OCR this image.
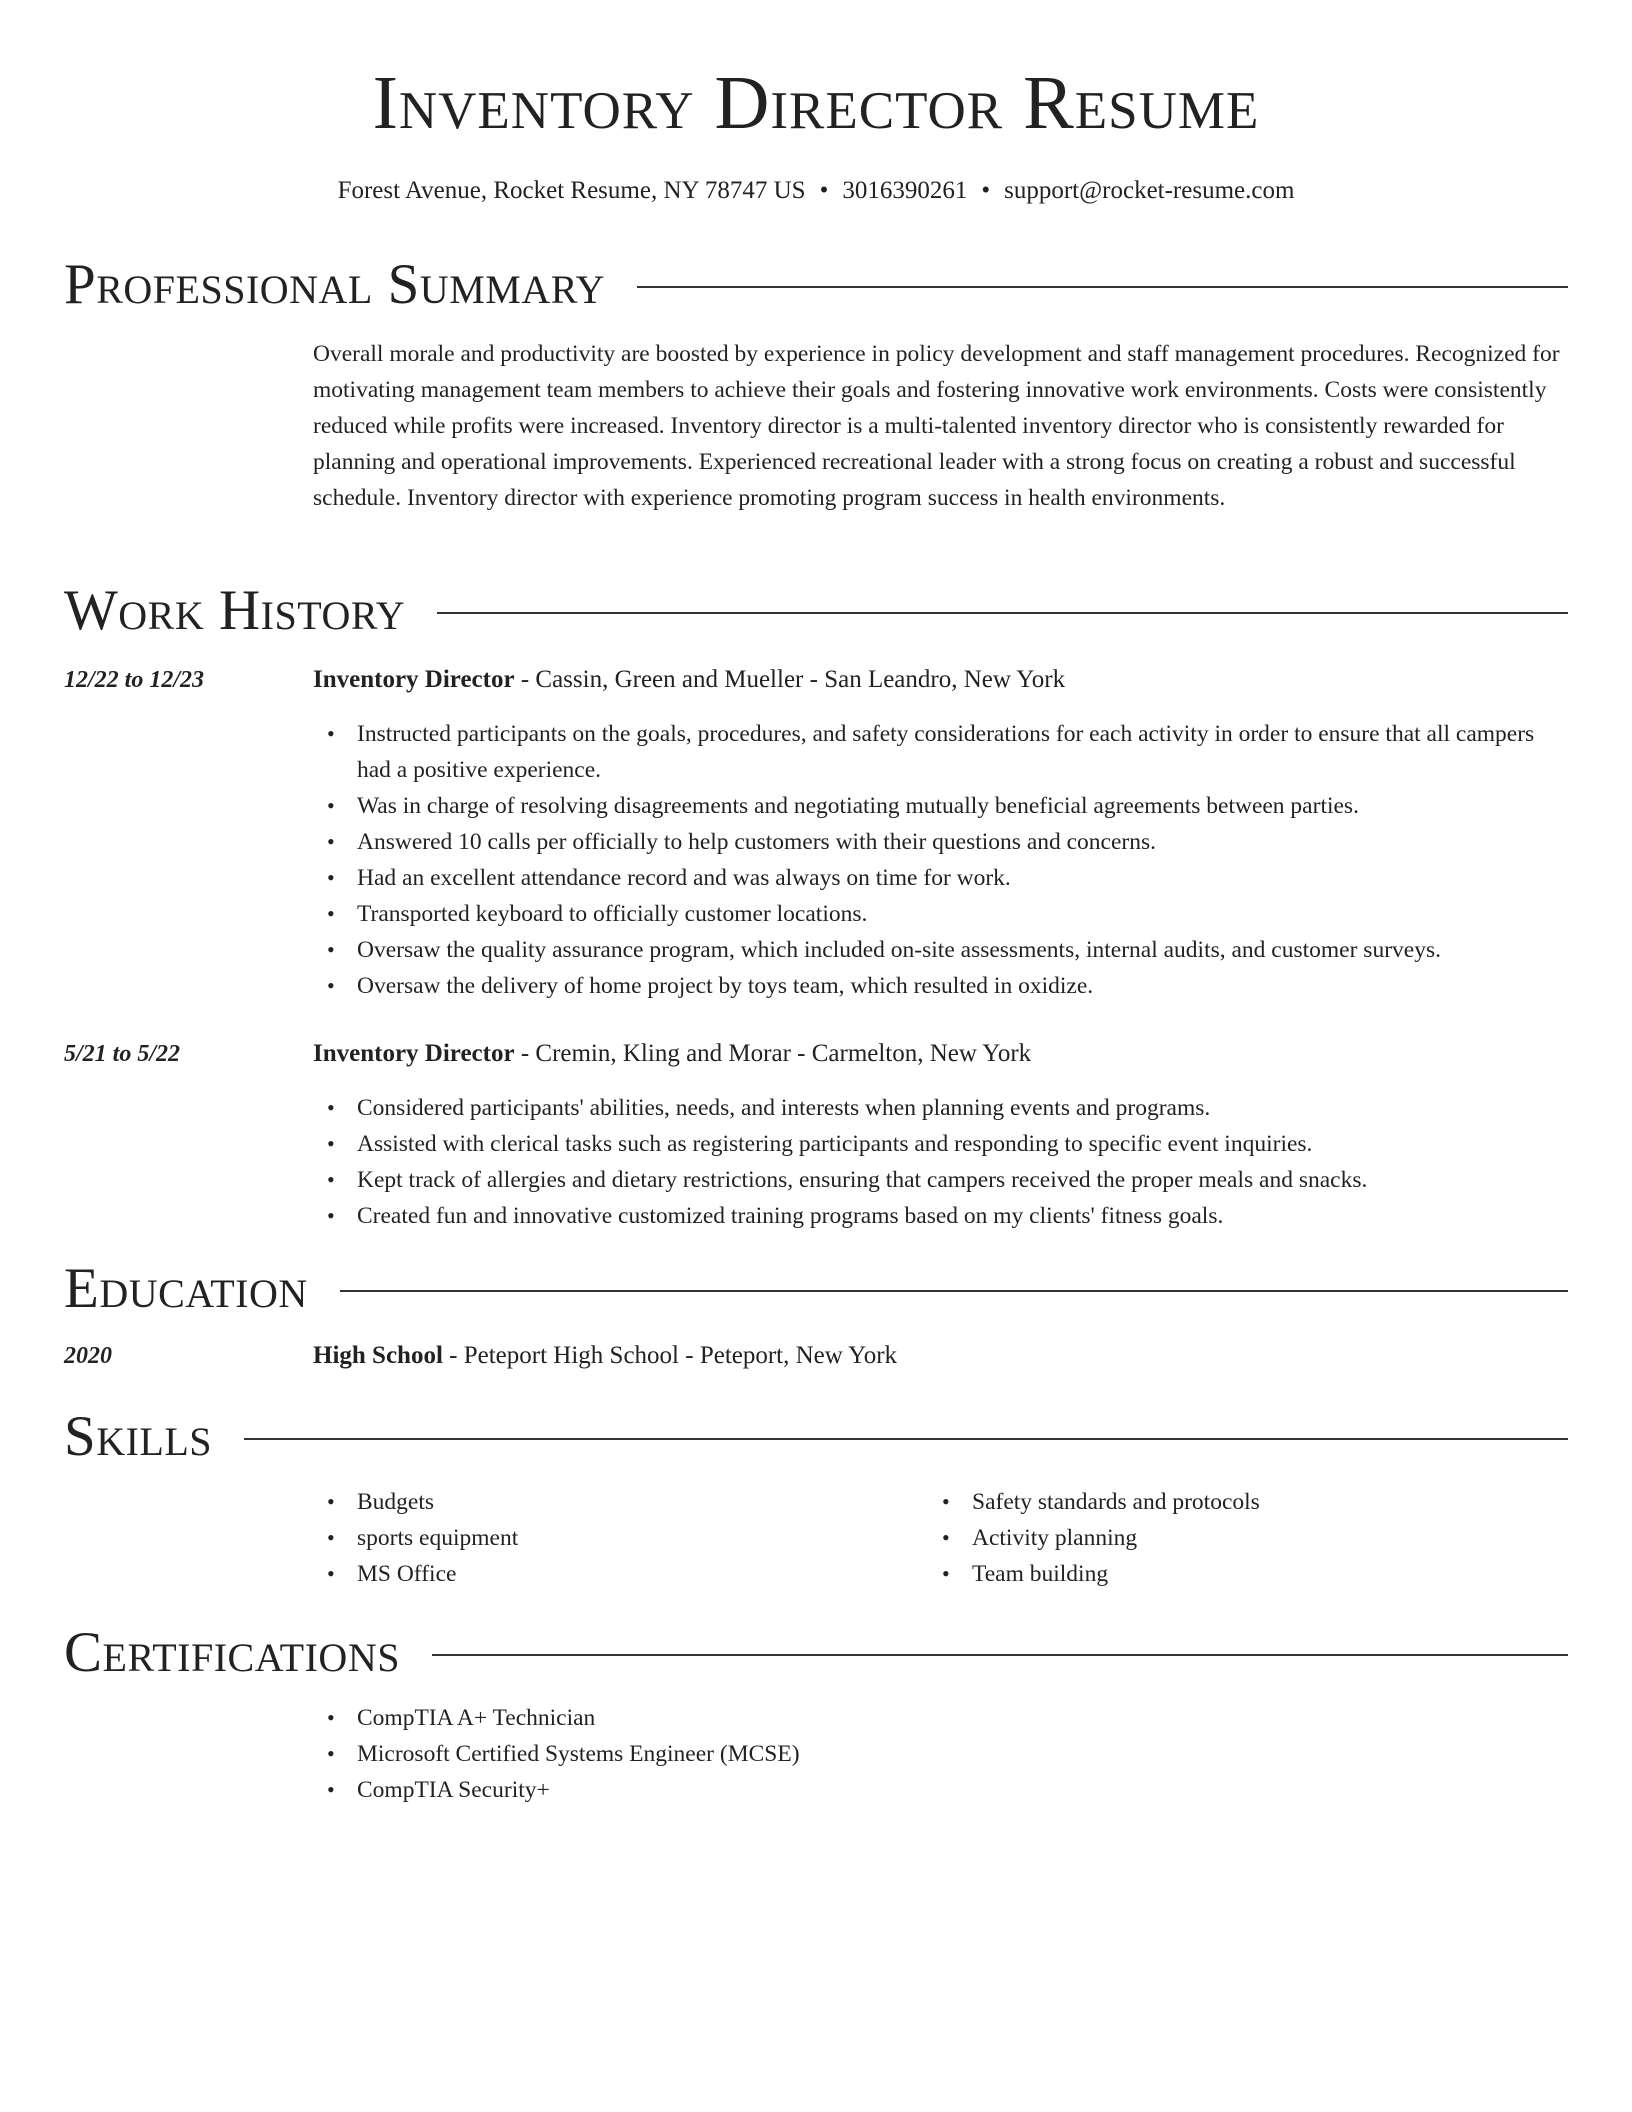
Inventory Director Resume
Forest Avenue, Rocket Resume, NY 78747 US • 3016390261 • support@rocket-resume.com
Professional Summary
Overall morale and productivity are boosted by experience in policy development and staff management procedures. Recognized for motivating management team members to achieve their goals and fostering innovative work environments. Costs were consistently reduced while profits were increased. Inventory director is a multi-talented inventory director who is consistently rewarded for planning and operational improvements. Experienced recreational leader with a strong focus on creating a robust and successful schedule. Inventory director with experience promoting program success in health environments.
Work History
12/22 to 12/23	Inventory Director - Cassin, Green and Mueller - San Leandro, New York
• Instructed participants on the goals, procedures, and safety considerations for each activity in order to ensure that all campers had a positive experience.
• Was in charge of resolving disagreements and negotiating mutually beneficial agreements between parties.
• Answered 10 calls per officially to help customers with their questions and concerns.
• Had an excellent attendance record and was always on time for work.
• Transported keyboard to officially customer locations.
• Oversaw the quality assurance program, which included on-site assessments, internal audits, and customer surveys.
• Oversaw the delivery of home project by toys team, which resulted in oxidize.
5/21 to 5/22	Inventory Director - Cremin, Kling and Morar - Carmelton, New York
• Considered participants' abilities, needs, and interests when planning events and programs.
• Assisted with clerical tasks such as registering participants and responding to specific event inquiries.
• Kept track of allergies and dietary restrictions, ensuring that campers received the proper meals and snacks.
• Created fun and innovative customized training programs based on my clients' fitness goals.
Education
2020	High School - Peteport High School - Peteport, New York
Skills
• Budgets
• sports equipment
• MS Office
• Safety standards and protocols
• Activity planning
• Team building
Certifications
• CompTIA A+ Technician
• Microsoft Certified Systems Engineer (MCSE)
• CompTIA Security+
